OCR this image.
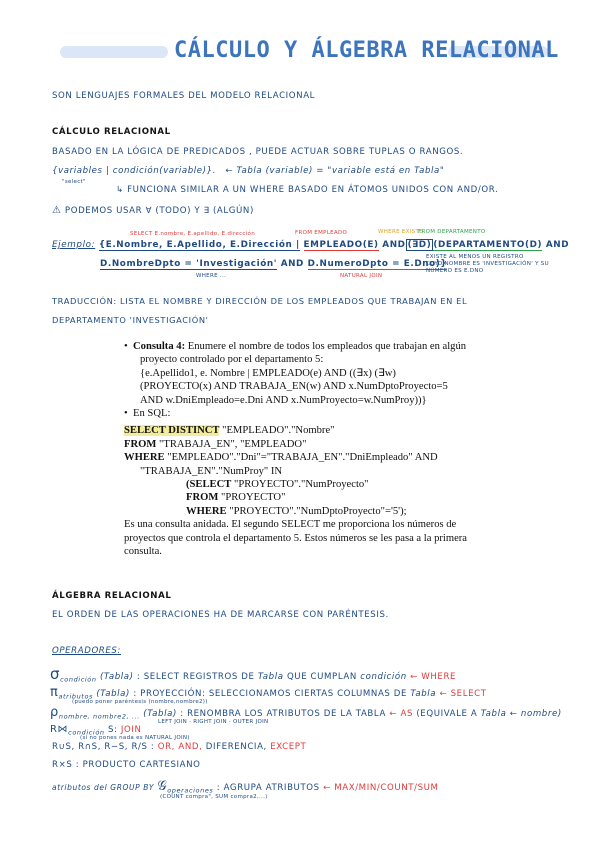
CÁLCULO Y ÁLGEBRA RELACIONAL
SON LENGUAJES FORMALES DEL MODELO RELACIONAL
CÁLCULO RELACIONAL
BASADO EN LA LÓGICA DE PREDICADOS , PUEDE ACTUAR SOBRE TUPLAS O RANGOS.
{variables | condición(variable)}. ← Tabla (variable) = "variable está en Tabla"
"select"
↳ FUNCIONA SIMILAR A UN WHERE BASADO EN ÁTOMOS UNIDOS CON AND/OR.
⚠ PODEMOS USAR ∀ (TODO) Y ∃ (ALGÚN)
SELECT E.nombre, E.apellido, E.dirección	FROM EMPLEADO	WHERE EXISTE
FROM DEPARTAMENTO
Ejemplo: {E.Nombre, E.Apellido, E.Dirección | EMPLEADO(E) AND (∃D) (DEPARTAMENTO(D) AND
D.NombreDpto = 'Investigación' AND D.NumeroDpto = E.Dno)}
WHERE ...	NATURAL JOIN
EXISTE AL MENOS UN REGISTRO
CUYO NOMBRE ES 'INVESTIGACIÓN' Y SU
NÚMERO ES E.DNO
TRADUCCIÓN: LISTA EL NOMBRE Y DIRECCIÓN DE LOS EMPLEADOS QUE TRABAJAN EN EL
DEPARTAMENTO 'INVESTIGACIÓN'
•  Consulta 4: Enumere el nombre de todos los empleados que trabajan en algún
proyecto controlado por el departamento 5:
{e.Apellido1, e. Nombre | EMPLEADO(e) AND ((∃x) (∃w)
(PROYECTO(x) AND TRABAJA_EN(w) AND x.NumDptoProyecto=5
AND w.DniEmpleado=e.Dni AND x.NumProyecto=w.NumProy))}
•  En SQL:
SELECT DISTINCT "EMPLEADO"."Nombre"
FROM "TRABAJA_EN", "EMPLEADO"
WHERE "EMPLEADO"."Dni"="TRABAJA_EN"."DniEmpleado" AND
"TRABAJA_EN"."NumProy" IN
(SELECT "PROYECTO"."NumProyecto"
FROM "PROYECTO"
WHERE "PROYECTO"."NumDptoProyecto"='5');
Es una consulta anidada. El segundo SELECT me proporciona los números de
proyectos que controla el departamento 5. Estos números se les pasa a la primera
consulta.
ÁLGEBRA RELACIONAL
EL ORDEN DE LAS OPERACIONES HA DE MARCARSE CON PARÉNTESIS.
OPERADORES:
$\sigma_{condición}$ (Tabla) : SELECT REGISTROS DE Tabla QUE CUMPLAN condición ← WHERE
$\pi_{atributos}$ (Tabla) : PROYECCIÓN: SELECCIONAMOS CIERTAS COLUMNAS DE Tabla ← SELECT
(puedo poner paréntesis (nombre,nombre2))
$\rho_{nombre, nombre2, ...}$ (Tabla) : RENOMBRA LOS ATRIBUTOS DE LA TABLA ← AS (EQUIVALE A Tabla ← nombre)
$R⋈_{condición}$ S: JOIN
LEFT JOIN · RIGHT JOIN · OUTER JOIN
(si no pones nada es NATURAL JOIN)
R∪S, R∩S, R−S, R/S : OR, AND, DIFERENCIA, EXCEPT
R×S : PRODUCTO CARTESIANO
atributos del GROUP BY 𝒢$_{operaciones}$ : AGRUPA ATRIBUTOS ← MAX/MIN/COUNT/SUM
(COUNT compra", SUM compra2,...)
